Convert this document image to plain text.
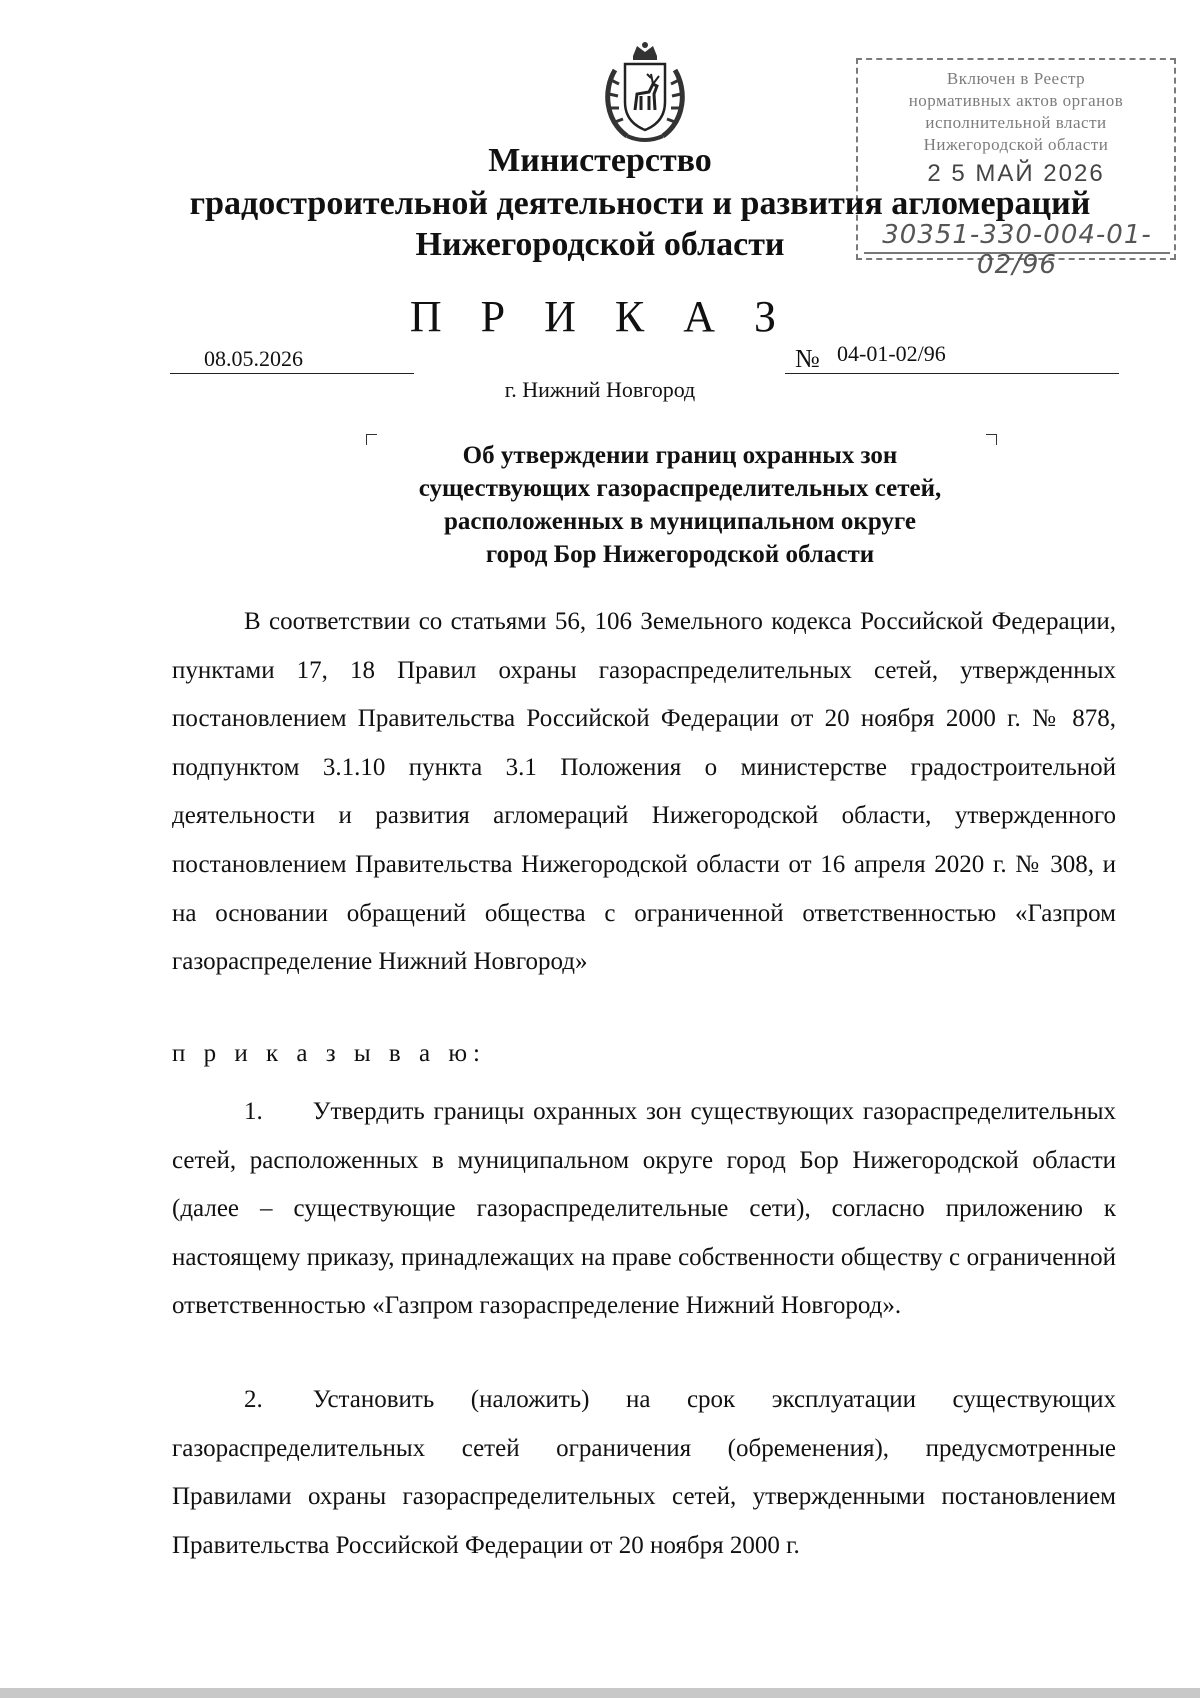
Включен в Реестр
нормативных актов органов
исполнительной власти
Нижегородской области
2 5 МАЙ 2026
30351-330-004-01-02/96
Министерство
градостроительной деятельности и развития агломераций
Нижегородской области
П Р И К А З
08.05.2026	№ 04-01-02/96
г. Нижний Новгород
Об утверждении границ охранных зон
существующих газораспределительных сетей,
расположенных в муниципальном округе
город Бор Нижегородской области
В соответствии со статьями 56, 106 Земельного кодекса Российской Федерации, пунктами 17, 18 Правил охраны газораспределительных сетей, утвержденных постановлением Правительства Российской Федерации от 20 ноября 2000 г. № 878, подпунктом 3.1.10 пункта 3.1 Положения о министерстве градостроительной деятельности и развития агломераций Нижегородской области, утвержденного постановлением Правительства Нижегородской области от 16 апреля 2020 г. № 308, и на основании обращений общества с ограниченной ответственностью «Газпром газораспределение Нижний Новгород»
п р и к а з ы в а ю:
1.  Утвердить границы охранных зон существующих газораспределительных сетей, расположенных в муниципальном округе город Бор Нижегородской области (далее – существующие газораспределительные сети), согласно приложению к настоящему приказу, принадлежащих на праве собственности обществу с ограниченной ответственностью «Газпром газораспределение Нижний Новгород».
2.  Установить (наложить) на срок эксплуатации существующих газораспределительных сетей ограничения (обременения), предусмотренные Правилами охраны газораспределительных сетей, утвержденными постановлением Правительства Российской Федерации от 20 ноября 2000 г.
